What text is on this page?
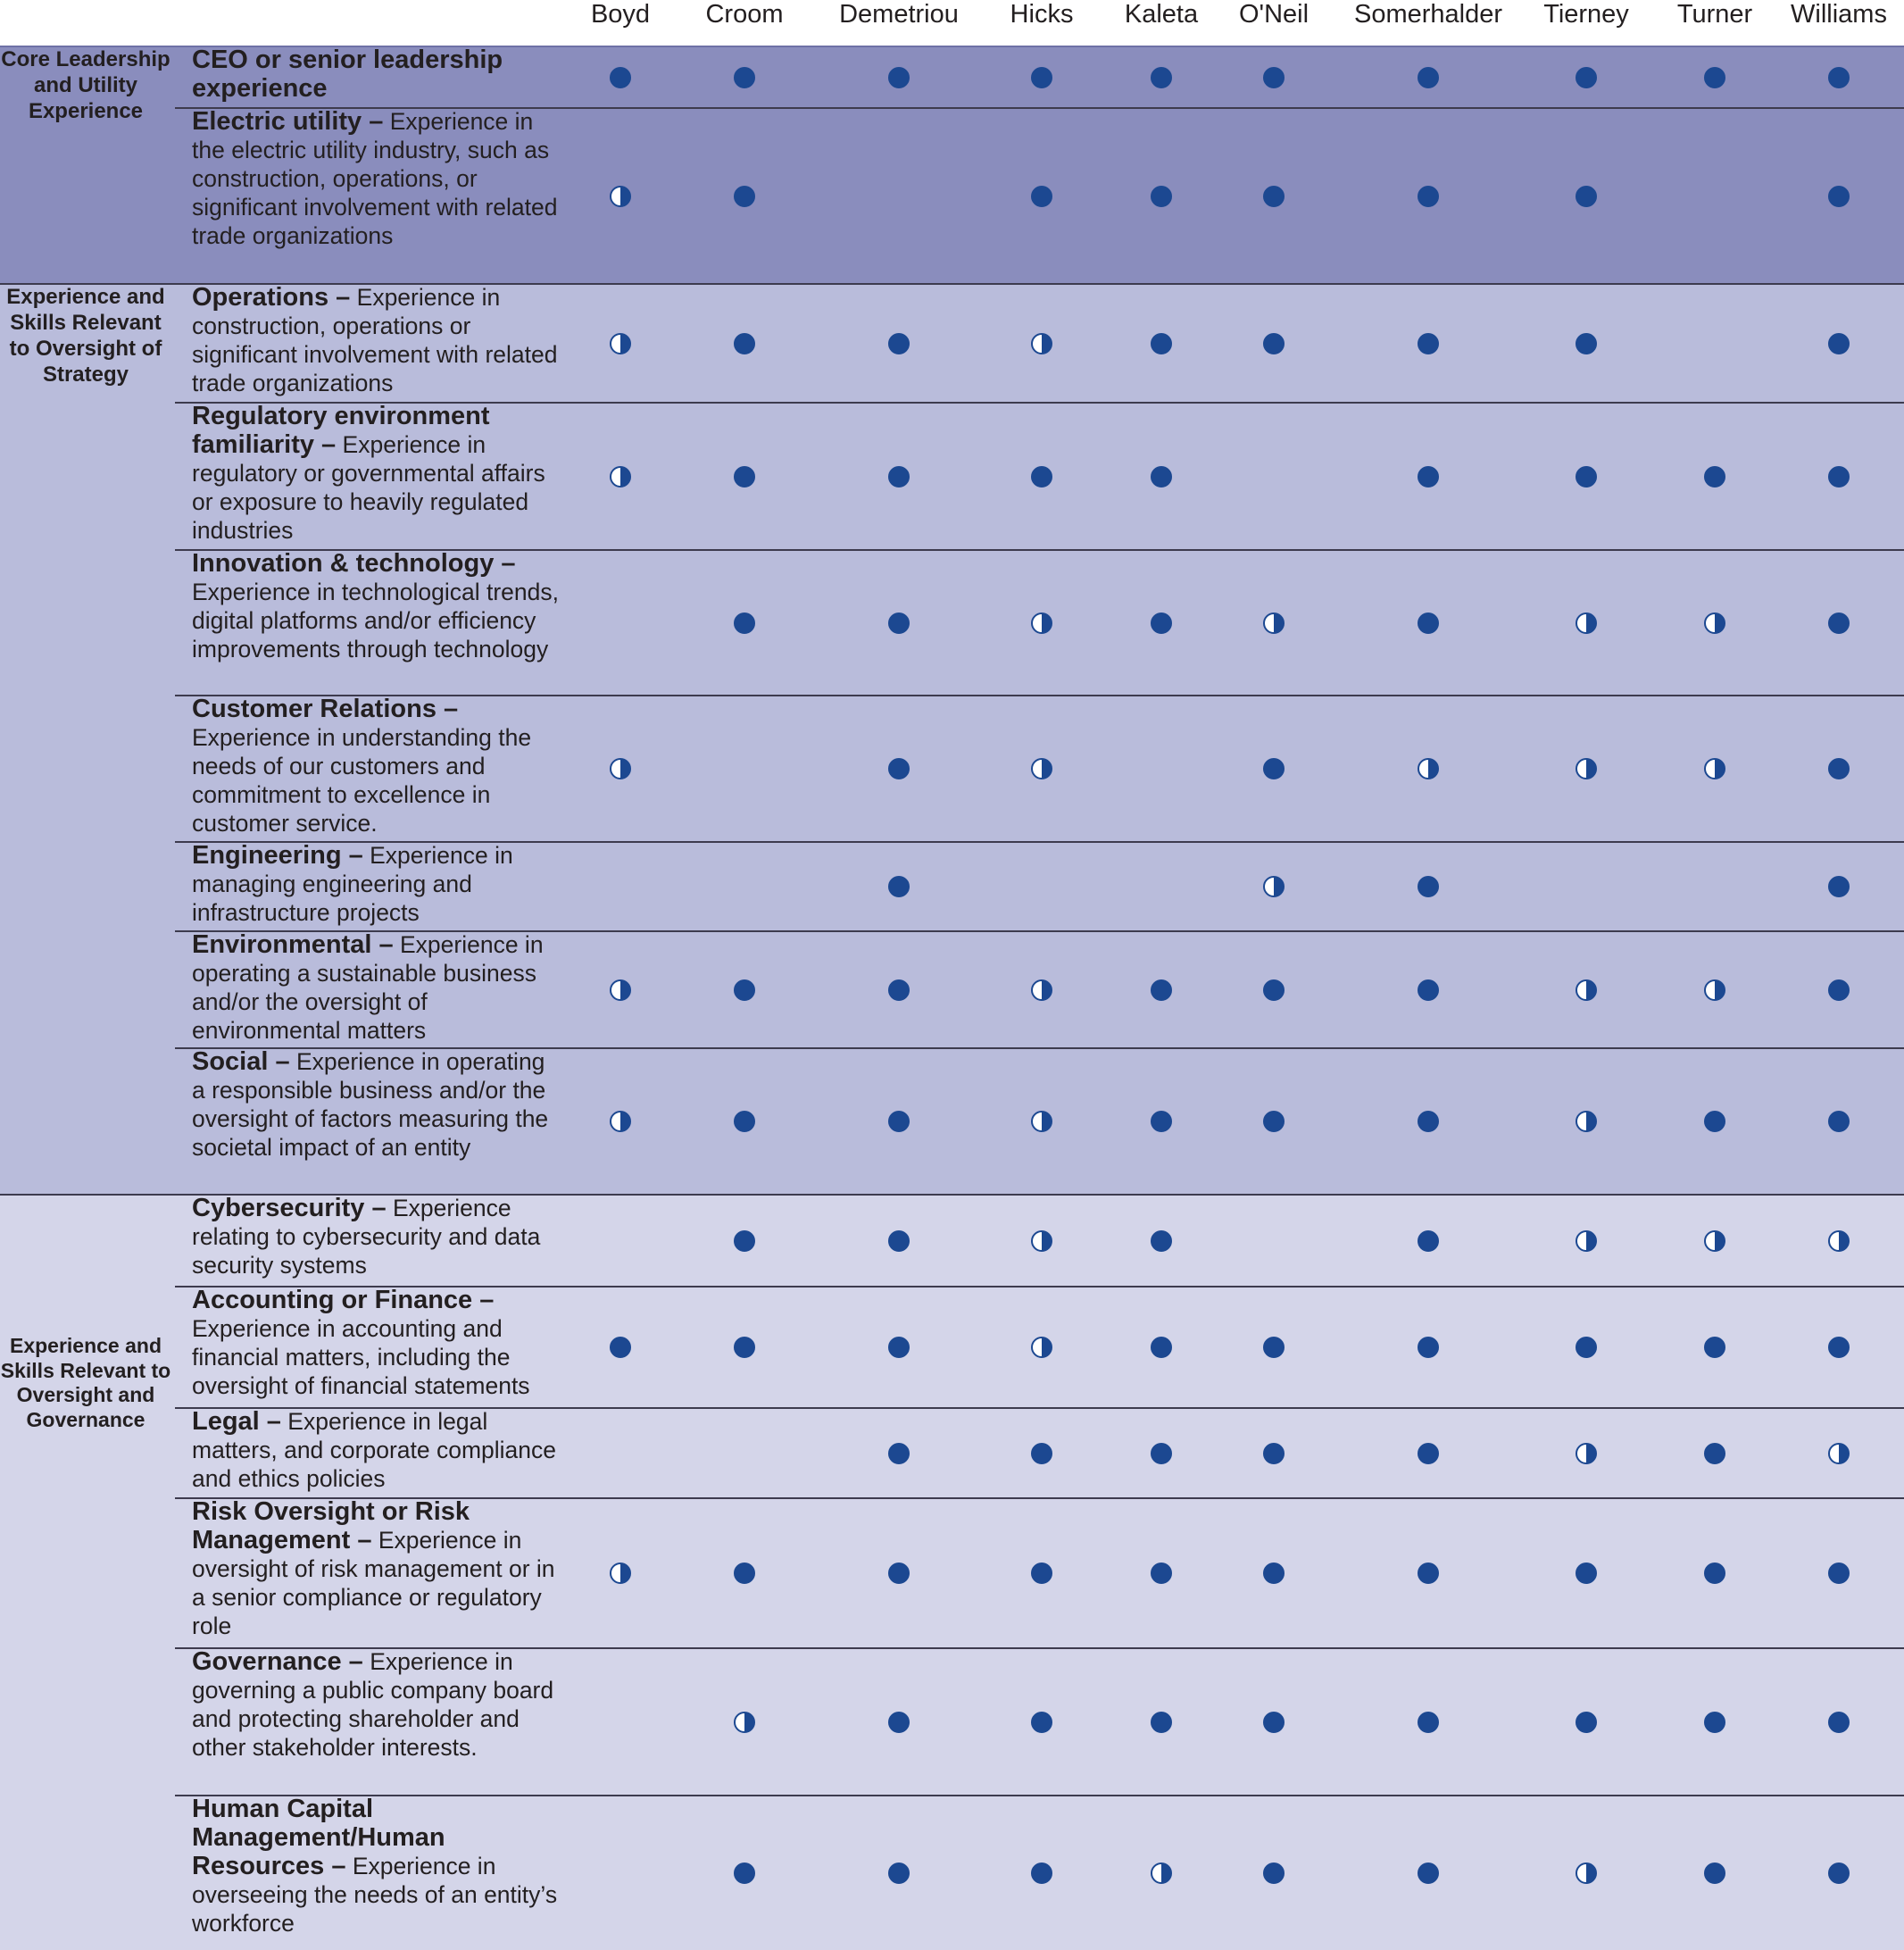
Boyd Croom Demetriou Hicks Kaleta O'Neil Somerhalder Tierney Turner Williams
Core Leadership and Utility Experience
Experience and Skills Relevant to Oversight of Strategy
Experience and Skills Relevant to Oversight and Governance
CEO or senior leadership experience
Electric utility – Experience in the electric utility industry, such as construction, operations, or significant involvement with related trade organizations
Operations – Experience in construction, operations or significant involvement with related trade organizations
Regulatory environment familiarity – Experience in regulatory or governmental affairs or exposure to heavily regulated industries
Innovation & technology – Experience in technological trends, digital platforms and/or efficiency improvements through technology
Customer Relations – Experience in understanding the needs of our customers and commitment to excellence in customer service.
Engineering – Experience in managing engineering and infrastructure projects
Environmental – Experience in operating a sustainable business and/or the oversight of environmental matters
Social – Experience in operating a responsible business and/or the oversight of factors measuring the societal impact of an entity
Cybersecurity – Experience relating to cybersecurity and data security systems
Accounting or Finance – Experience in accounting and financial matters, including the oversight of financial statements
Legal – Experience in legal matters, and corporate compliance and ethics policies
Risk Oversight or Risk Management – Experience in oversight of risk management or in a senior compliance or regulatory role
Governance – Experience in governing a public company board and protecting shareholder and other stakeholder interests.
Human Capital Management/Human Resources – Experience in overseeing the needs of an entity’s workforce
